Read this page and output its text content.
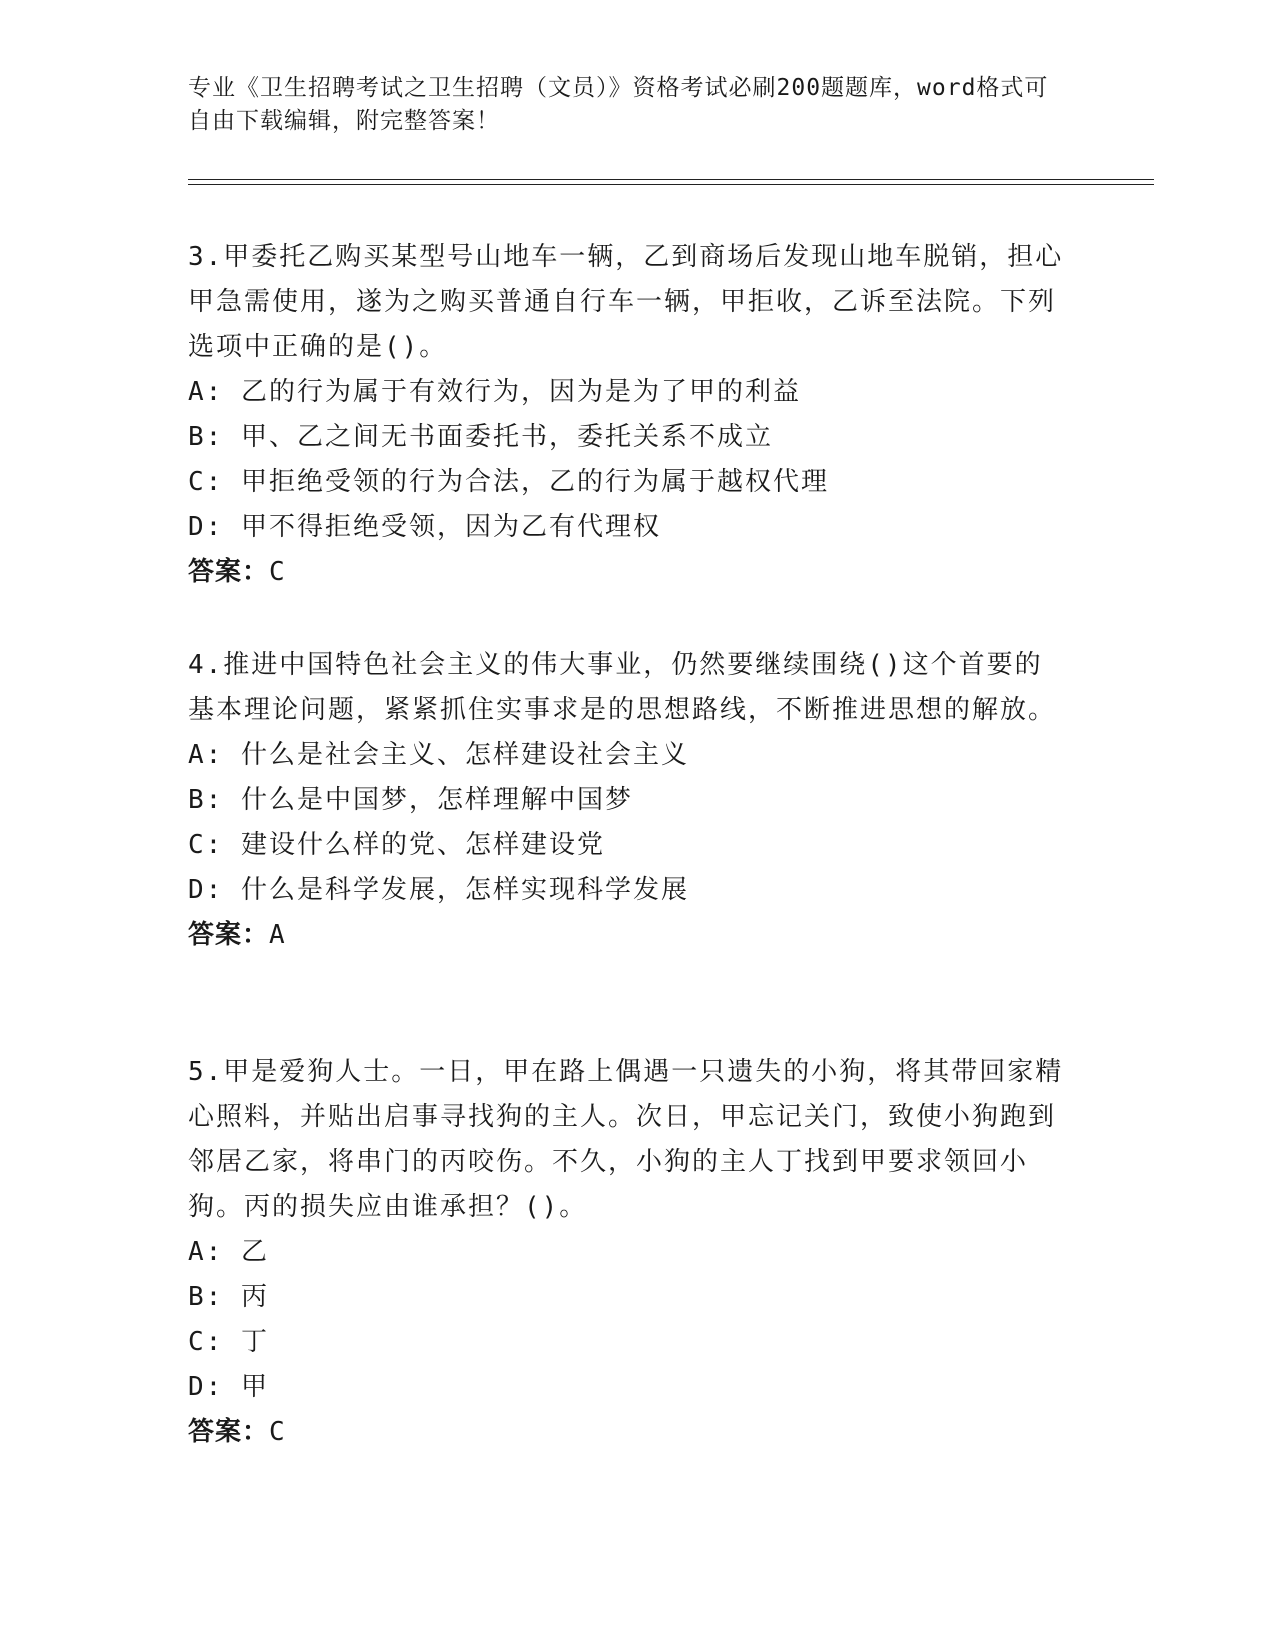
专业《卫生招聘考试之卫生招聘（文员）》资格考试必刷200题题库，word格式可自由下载编辑，附完整答案！
3.甲委托乙购买某型号山地车一辆，乙到商场后发现山地车脱销，担心甲急需使用，遂为之购买普通自行车一辆，甲拒收，乙诉至法院。下列选项中正确的是()。
A: 乙的行为属于有效行为，因为是为了甲的利益
B: 甲、乙之间无书面委托书，委托关系不成立
C: 甲拒绝受领的行为合法，乙的行为属于越权代理
D: 甲不得拒绝受领，因为乙有代理权
答案：C
4.推进中国特色社会主义的伟大事业，仍然要继续围绕()这个首要的基本理论问题，紧紧抓住实事求是的思想路线，不断推进思想的解放。
A: 什么是社会主义、怎样建设社会主义
B: 什么是中国梦，怎样理解中国梦
C: 建设什么样的党、怎样建设党
D: 什么是科学发展，怎样实现科学发展
答案：A
5.甲是爱狗人士。一日，甲在路上偶遇一只遗失的小狗，将其带回家精心照料，并贴出启事寻找狗的主人。次日，甲忘记关门，致使小狗跑到邻居乙家，将串门的丙咬伤。不久，小狗的主人丁找到甲要求领回小狗。丙的损失应由谁承担？()。
A: 乙
B: 丙
C: 丁
D: 甲
答案：C
